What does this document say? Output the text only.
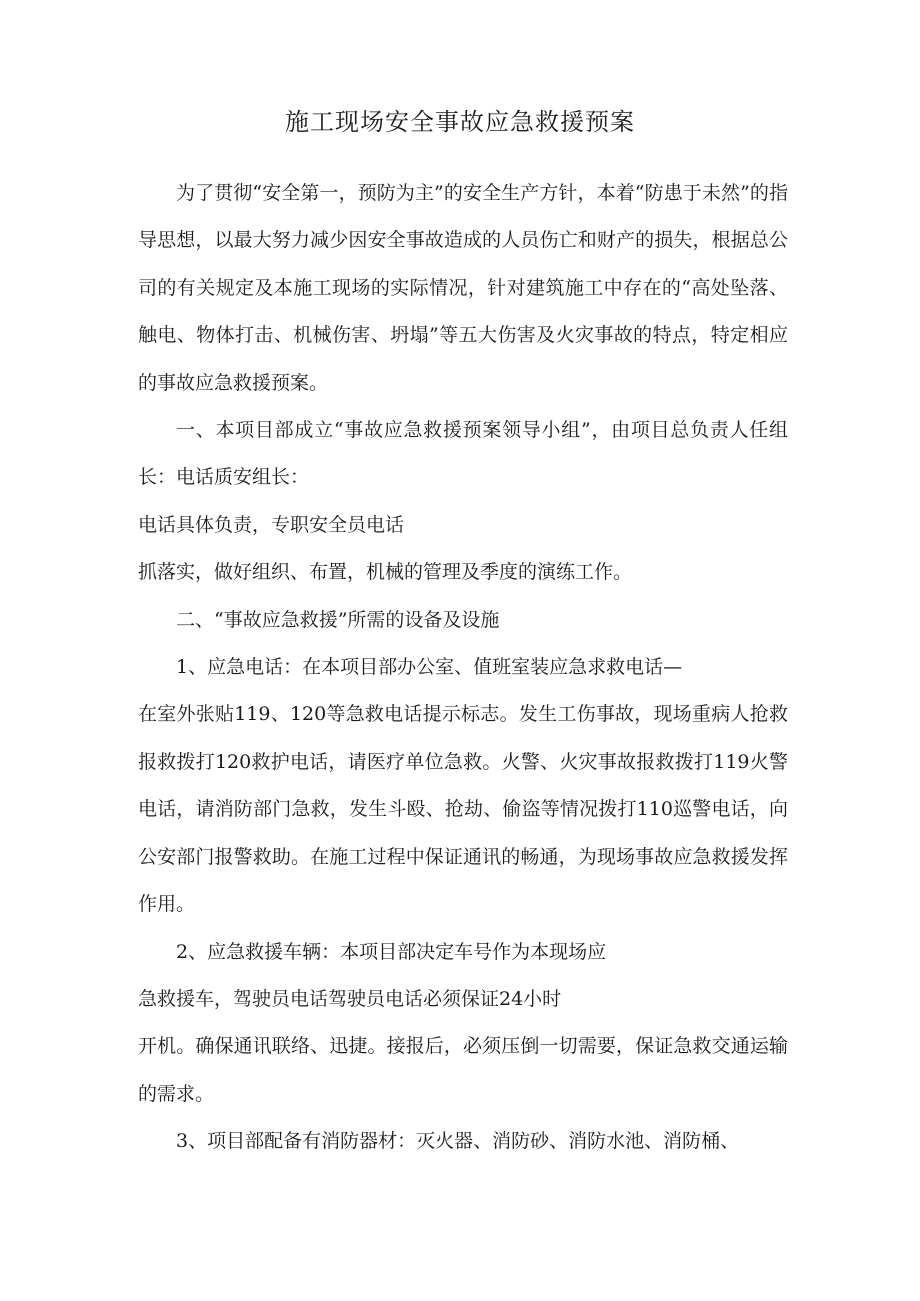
施工现场安全事故应急救援预案

为了贯彻“安全第一，预防为主”的安全生产方针，本着“防患于未然”的指导思想，以最大努力减少因安全事故造成的人员伤亡和财产的损失，根据总公司的有关规定及本施工现场的实际情况，针对建筑施工中存在的“高处坠落、触电、物体打击、机械伤害、坍塌”等五大伤害及火灾事故的特点，特定相应的事故应急救援预案。

一、本项目部成立“事故应急救援预案领导小组”，由项目总负责人任组长：电话质安组长：

电话具体负责，专职安全员电话

抓落实，做好组织、布置，机械的管理及季度的演练工作。

二、“事故应急救援”所需的设备及设施

1、应急电话：在本项目部办公室、值班室装应急求救电话—

在室外张贴119、120等急救电话提示标志。发生工伤事故，现场重病人抢救报救拨打120救护电话，请医疗单位急救。火警、火灾事故报救拨打119火警电话，请消防部门急救，发生斗殴、抢劫、偷盗等情况拨打110巡警电话，向公安部门报警救助。在施工过程中保证通讯的畅通，为现场事故应急救援发挥作用。

2、应急救援车辆：本项目部决定车号作为本现场应

急救援车，驾驶员电话驾驶员电话必须保证24小时

开机。确保通讯联络、迅捷。接报后，必须压倒一切需要，保证急救交通运输的需求。

3、项目部配备有消防器材：灭火器、消防砂、消防水池、消防桶、
